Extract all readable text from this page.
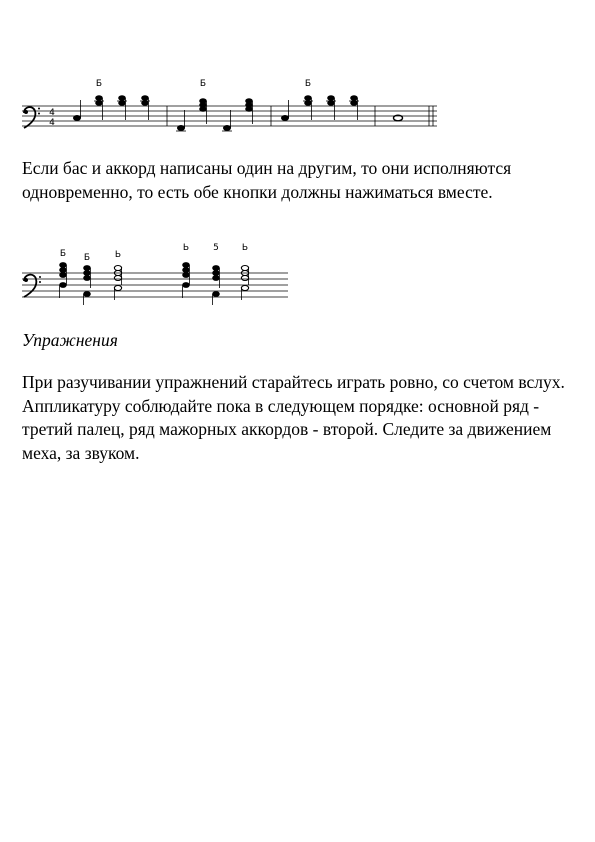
4
4
Б	Б	Б

Если бас и аккорд написаны один на другим, то они исполняются одновременно, то есть обе кнопки должны нажиматься вместе.

Б Б	Ь
Ь	5	Ь
Упражнения

При разучивании упражнений старайтесь играть ровно, со счетом вслух. Аппликатуру соблюдайте пока в следующем порядке: основной ряд - третий палец, ряд мажорных аккордов - второй. Следите за движением меха, за звуком.
